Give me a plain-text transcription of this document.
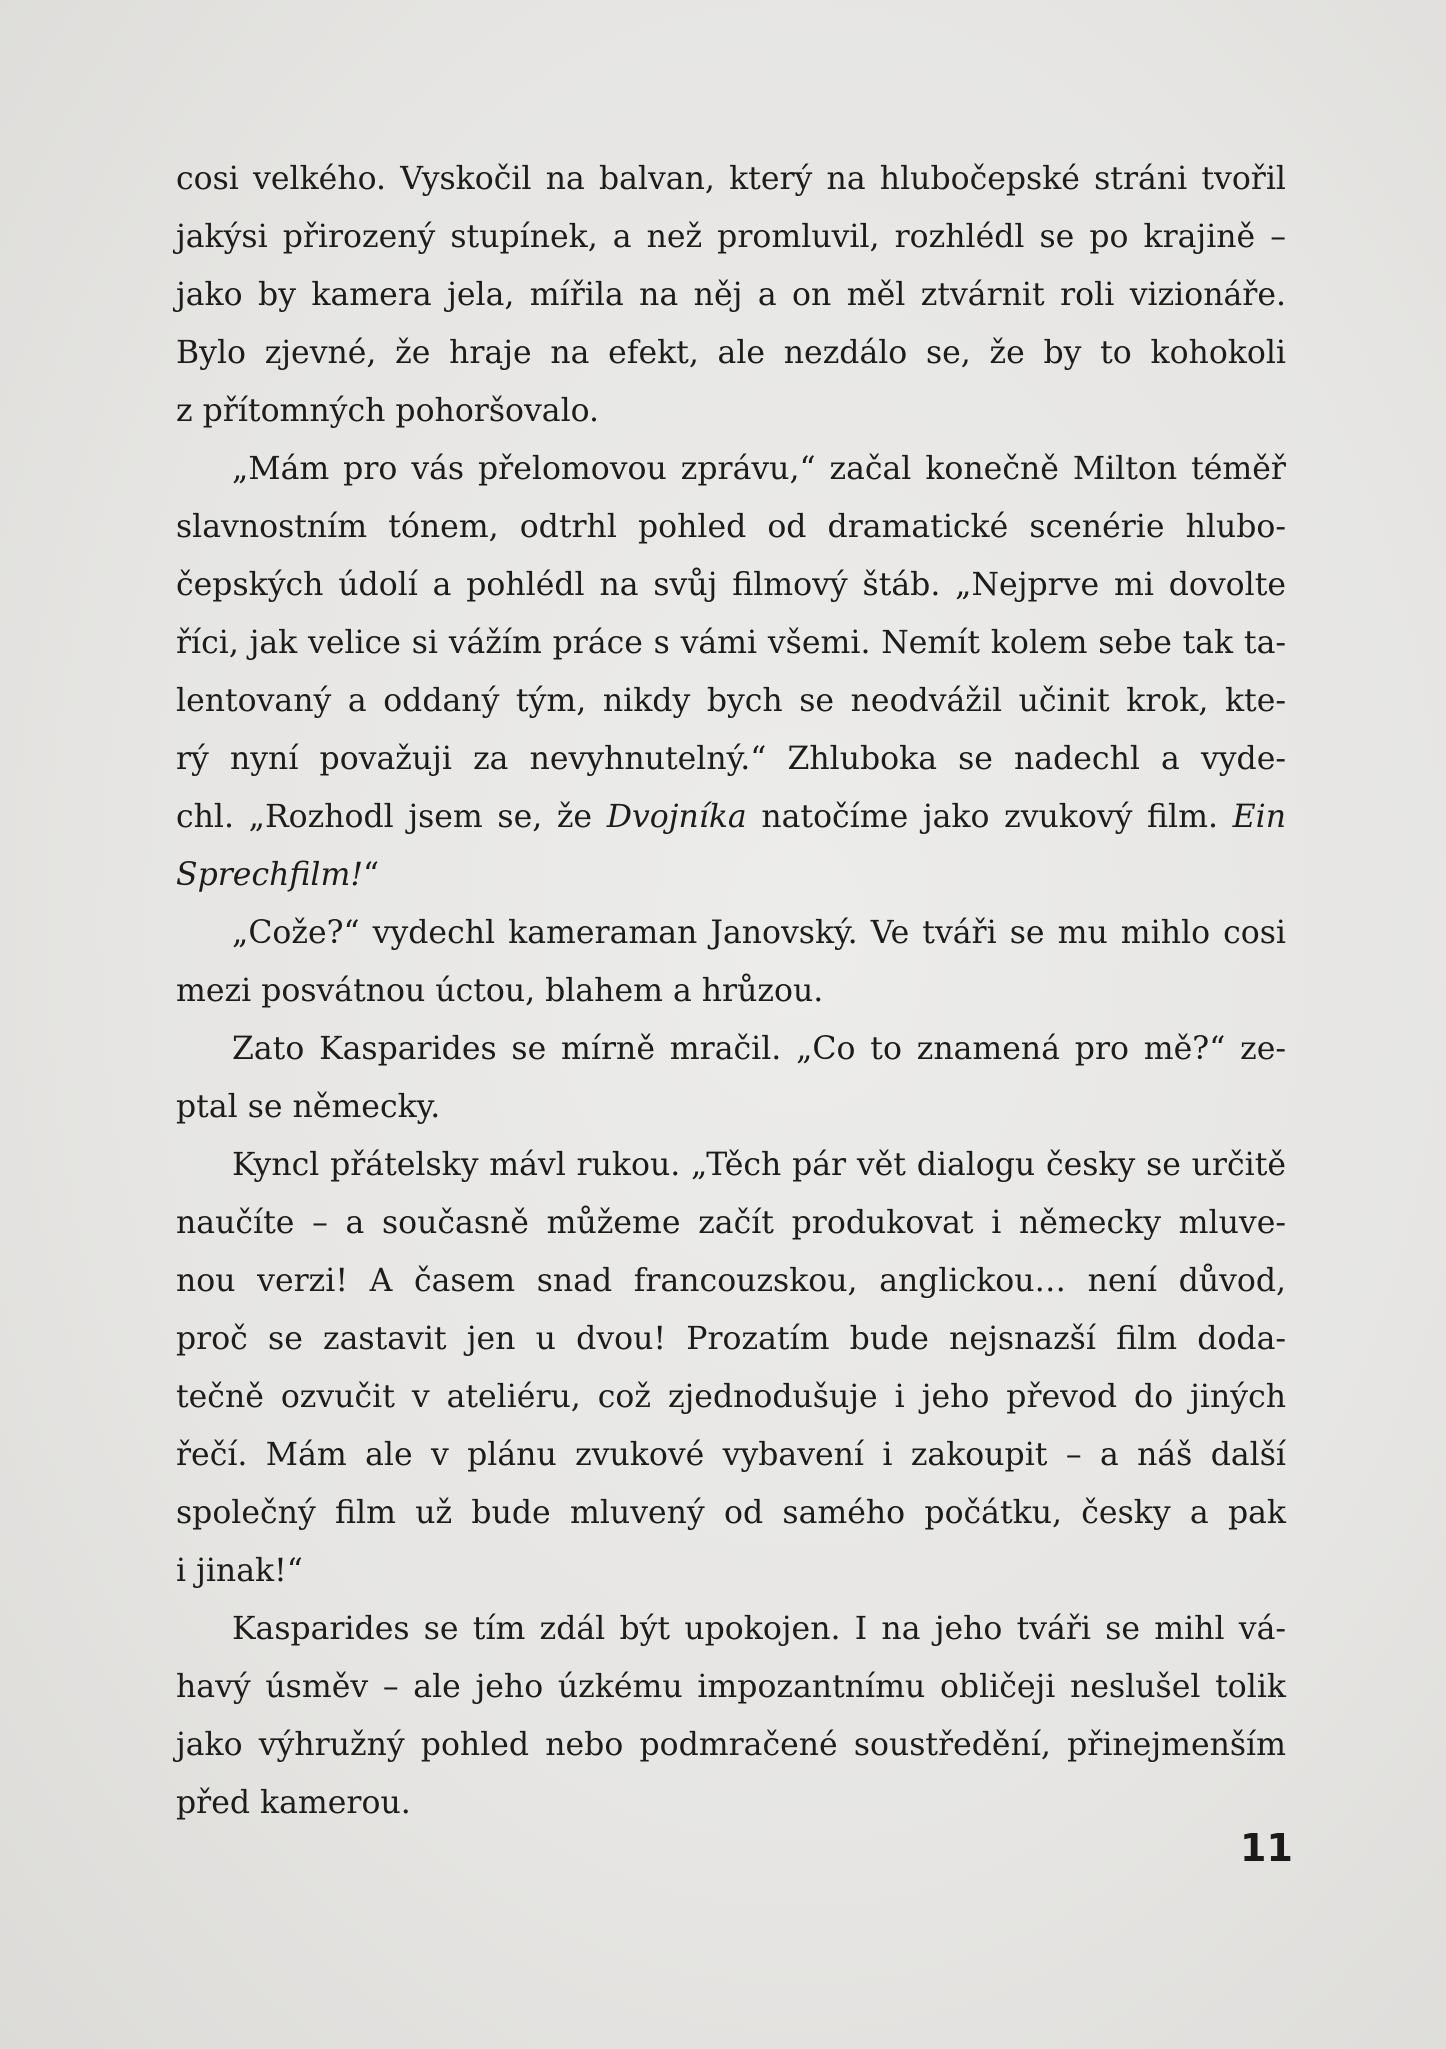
cosi velkého. Vyskočil na balvan, který na hlubočepské stráni tvořil
jakýsi přirozený stupínek, a než promluvil, rozhlédl se po krajině –
jako by kamera jela, mířila na něj a on měl ztvárnit roli vizionáře.
Bylo zjevné, že hraje na efekt, ale nezdálo se, že by to kohokoli
z přítomných pohoršovalo.
„Mám pro vás přelomovou zprávu,“ začal konečně Milton téměř
slavnostním tónem, odtrhl pohled od dramatické scenérie hlubo-
čepských údolí a pohlédl na svůj filmový štáb. „Nejprve mi dovolte
říci, jak velice si vážím práce s vámi všemi. Nemít kolem sebe tak ta-
lentovaný a oddaný tým, nikdy bych se neodvážil učinit krok, kte-
rý nyní považuji za nevyhnutelný.“ Zhluboka se nadechl a vyde-
chl. „Rozhodl jsem se, že Dvojníka natočíme jako zvukový film. Ein
Sprechfilm!“
„Cože?“ vydechl kameraman Janovský. Ve tváři se mu mihlo cosi
mezi posvátnou úctou, blahem a hrůzou.
Zato Kasparides se mírně mračil. „Co to znamená pro mě?“ ze-
ptal se německy.
Kyncl přátelsky mávl rukou. „Těch pár vět dialogu česky se určitě
naučíte – a současně můžeme začít produkovat i německy mluve-
nou verzi! A časem snad francouzskou, anglickou… není důvod,
proč se zastavit jen u dvou! Prozatím bude nejsnazší film doda-
tečně ozvučit v ateliéru, což zjednodušuje i jeho převod do jiných
řečí. Mám ale v plánu zvukové vybavení i zakoupit – a náš další
společný film už bude mluvený od samého počátku, česky a pak
i jinak!“
Kasparides se tím zdál být upokojen. I na jeho tváři se mihl vá-
havý úsměv – ale jeho úzkému impozantnímu obličeji neslušel tolik
jako výhružný pohled nebo podmračené soustředění, přinejmenším
před kamerou.
11
